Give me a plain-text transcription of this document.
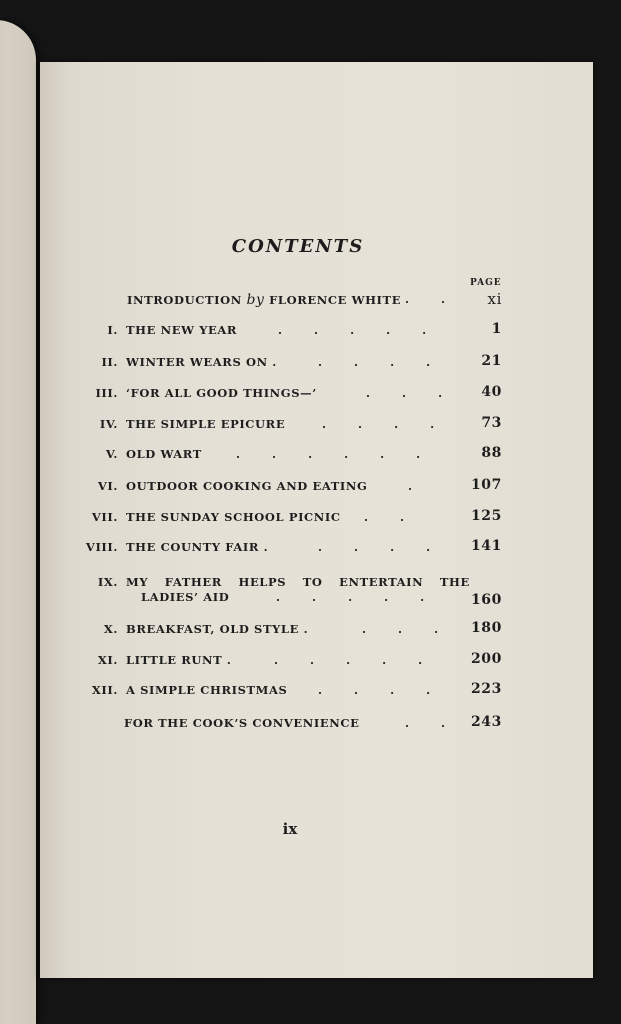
CONTENTS
PAGE
INTRODUCTION by FLORENCE WHITE .        .	xi
I. THE NEW YEAR	.        .        .        .        .	1
II. WINTER WEARS ON .	.        .        .        .	21
III. ‘FOR ALL GOOD THINGS—’	.        .        .	40
IV. THE SIMPLE EPICURE	.        .        .        .	73
V. OLD WART	.        .        .        .        .        .	88
VI. OUTDOOR COOKING AND EATING	.	107
VII. THE SUNDAY SCHOOL PICNIC .        .	125
VIII. THE COUNTY FAIR .	.        .        .        .	141
IX. MY FATHER HELPS TO ENTERTAIN THE
LADIES’ AID	.        .        .        .        .	160
X. BREAKFAST, OLD STYLE .	.        .        .	180
XI. LITTLE RUNT .	.        .        .        .        .	200
XII. A SIMPLE CHRISTMAS	.        .        .        .	223
FOR THE COOK’S CONVENIENCE	.        .	243
ix
